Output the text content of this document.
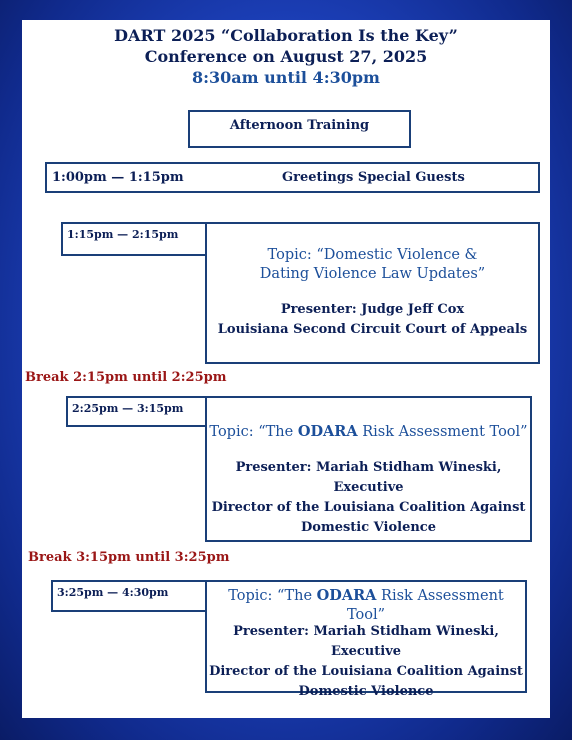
DART 2025 “Collaboration Is the Key”
Conference on August 27, 2025
8:30am until 4:30pm
Afternoon Training
1:00pm — 1:15pm	Greetings Special Guests
Topic: “Domestic Violence &
Dating Violence Law Updates”
Presenter: Judge Jeff Cox
Louisiana Second Circuit Court of Appeals
1:15pm — 2:15pm
Break 2:15pm until 2:25pm
Topic: “The ODARA Risk Assessment Tool”
Presenter: Mariah Stidham Wineski, Executive
Director of the Louisiana Coalition Against
Domestic Violence
2:25pm — 3:15pm
Break 3:15pm until 3:25pm
Topic: “The ODARA Risk Assessment Tool”
Presenter: Mariah Stidham Wineski, Executive
Director of the Louisiana Coalition Against
Domestic Violence
3:25pm — 4:30pm
